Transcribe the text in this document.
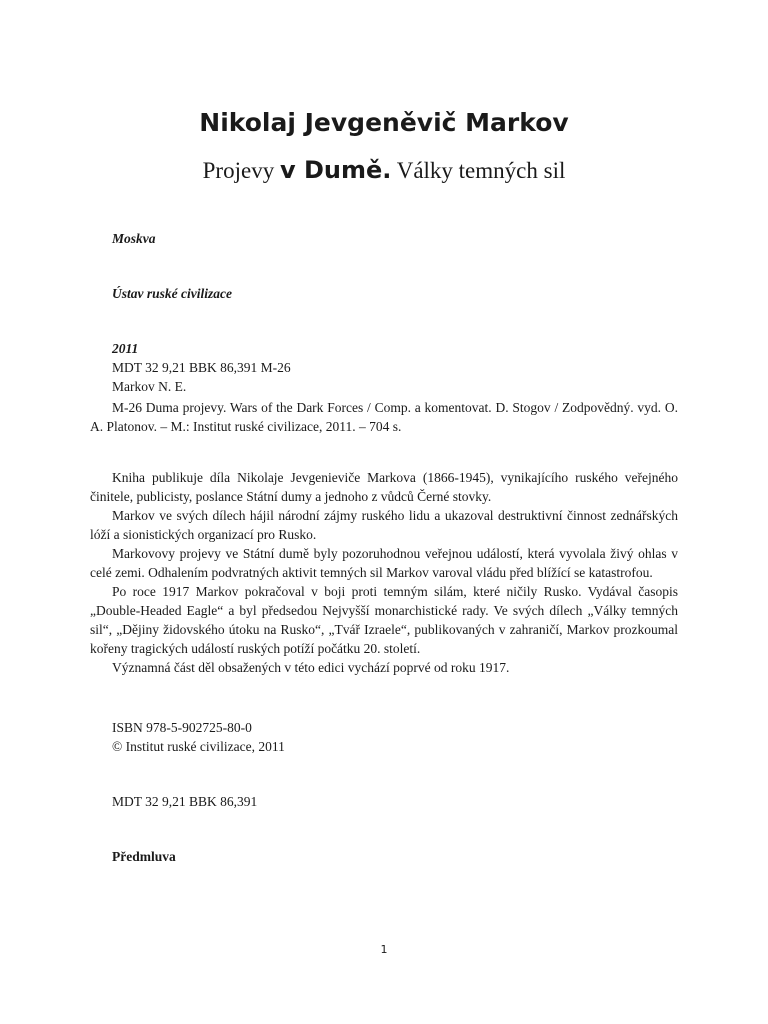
Nikolaj Jevgeněvič Markov
Projevy v Dumě. Války temných sil
Moskva
Ústav ruské civilizace
2011
MDT 32 9,21 BBK 86,391 M-26
Markov N. E.

M-26 Duma projevy. Wars of the Dark Forces / Comp. a komentovat. D. Stogov / Zodpovědný. vyd. O. A. Platonov. – M.: Institut ruské civilizace, 2011. – 704 s.

Kniha publikuje díla Nikolaje Jevgenieviče Markova (1866-1945), vynikajícího ruského veřejného činitele, publicisty, poslance Státní dumy a jednoho z vůdců Černé stovky.

Markov ve svých dílech hájil národní zájmy ruského lidu a ukazoval destruktivní činnost zednářských lóží a sionistických organizací pro Rusko.

Markovovy projevy ve Státní dumě byly pozoruhodnou veřejnou událostí, která vyvolala živý ohlas v celé zemi. Odhalením podvratných aktivit temných sil Markov varoval vládu před blížící se katastrofou.

Po roce 1917 Markov pokračoval v boji proti temným silám, které ničily Rusko. Vydával časopis „Double-Headed Eagle“ a byl předsedou Nejvyšší monarchistické rady. Ve svých dílech „Války temných sil“, „Dějiny židovského útoku na Rusko“, „Tvář Izraele“, publikovaných v zahraničí, Markov prozkoumal kořeny tragických událostí ruských potíží počátku 20. století.

Významná část děl obsažených v této edici vychází poprvé od roku 1917.

ISBN 978-5-902725-80-0
© Institut ruské civilizace, 2011
MDT 32 9,21 BBK 86,391
Předmluva
1
